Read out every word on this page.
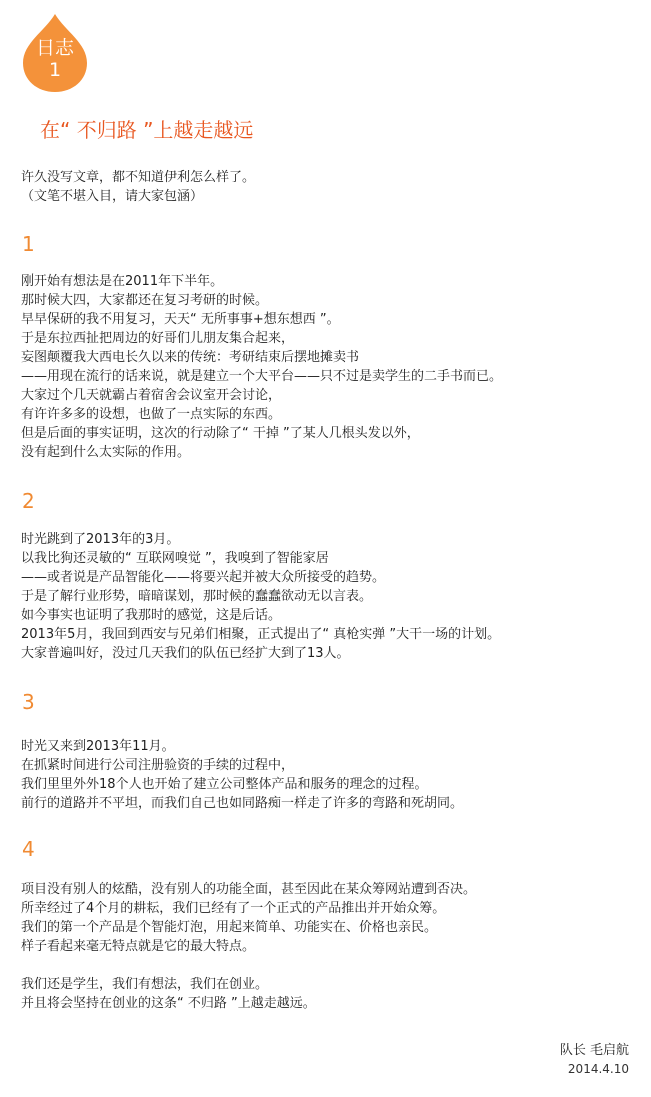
日志
1
在“ 不归路 ”上越走越远
许久没写文章，都不知道伊利怎么样了。
（文笔不堪入目，请大家包涵）
1
刚开始有想法是在2011年下半年。
那时候大四，大家都还在复习考研的时候。
早早保研的我不用复习，天天“ 无所事事+想东想西 ”。
于是东拉西扯把周边的好哥们儿朋友集合起来，
妄图颠覆我大西电长久以来的传统：考研结束后摆地摊卖书
——用现在流行的话来说，就是建立一个大平台——只不过是卖学生的二手书而已。
大家过个几天就霸占着宿舍会议室开会讨论，
有许许多多的设想，也做了一点实际的东西。
但是后面的事实证明，这次的行动除了“ 干掉 ”了某人几根头发以外，
没有起到什么太实际的作用。
2
时光跳到了2013年的3月。
以我比狗还灵敏的“ 互联网嗅觉 ”，我嗅到了智能家居
——或者说是产品智能化——将要兴起并被大众所接受的趋势。
于是了解行业形势，暗暗谋划，那时候的蠢蠢欲动无以言表。
如今事实也证明了我那时的感觉，这是后话。
2013年5月，我回到西安与兄弟们相聚，正式提出了“ 真枪实弹 ”大干一场的计划。
大家普遍叫好，没过几天我们的队伍已经扩大到了13人。
3
时光又来到2013年11月。
在抓紧时间进行公司注册验资的手续的过程中，
我们里里外外18个人也开始了建立公司整体产品和服务的理念的过程。
前行的道路并不平坦，而我们自己也如同路痴一样走了许多的弯路和死胡同。
4
项目没有别人的炫酷，没有别人的功能全面，甚至因此在某众筹网站遭到否决。
所幸经过了4个月的耕耘，我们已经有了一个正式的产品推出并开始众筹。
我们的第一个产品是个智能灯泡，用起来简单、功能实在、价格也亲民。
样子看起来毫无特点就是它的最大特点。
我们还是学生，我们有想法，我们在创业。
并且将会坚持在创业的这条“ 不归路 ”上越走越远。
队长 毛启航
2014.4.10
